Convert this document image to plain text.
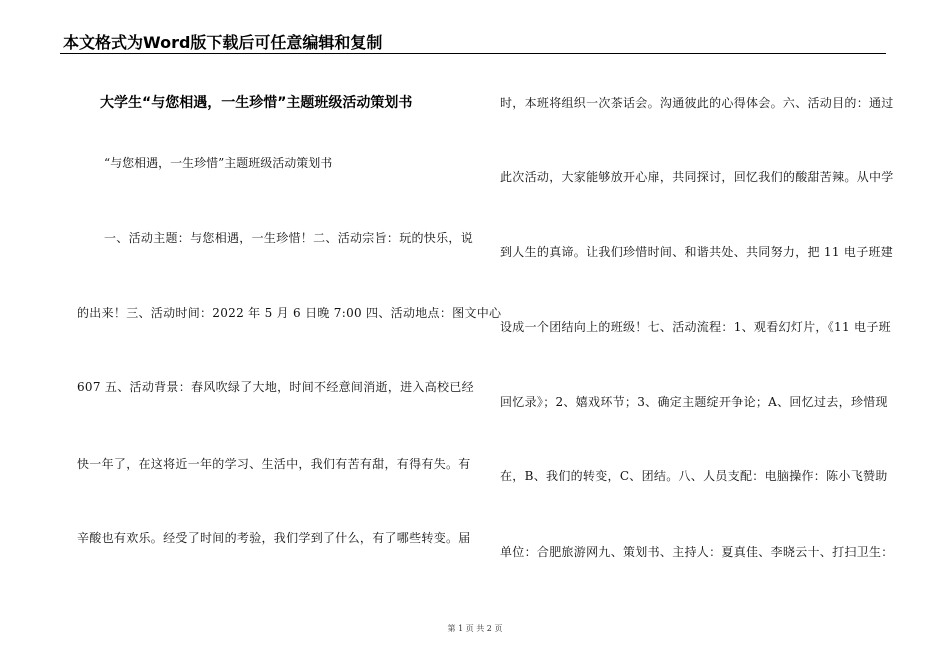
本文格式为Word版下载后可任意编辑和复制
大学生“与您相遇，一生珍惜”主题班级活动策划书
“与您相遇，一生珍惜”主题班级活动策划书
一、活动主题：与您相遇，一生珍惜！二、活动宗旨：玩的快乐，说
的出来！三、活动时间：2022 年 5 月 6 日晚 7:00 四、活动地点：图文中心
607 五、活动背景：春风吹绿了大地，时间不经意间消逝，进入高校已经
快一年了，在这将近一年的学习、生活中，我们有苦有甜，有得有失。有
辛酸也有欢乐。经受了时间的考验，我们学到了什么，有了哪些转变。届
时，本班将组织一次茶话会。沟通彼此的心得体会。六、活动目的：通过
此次活动，大家能够放开心扉，共同探讨，回忆我们的酸甜苦辣。从中学
到人生的真谛。让我们珍惜时间、和谐共处、共同努力，把 11 电子班建
设成一个团结向上的班级！七、活动流程：1、观看幻灯片，《11 电子班
回忆录》；2、嬉戏环节；3、确定主题绽开争论；A、回忆过去，珍惜现
在，B、我们的转变，C、团结。八、人员支配：电脑操作：陈小飞赞助
单位：合肥旅游网九、策划书、主持人：夏真佳、李晓云十、打扫卫生：
第 1 页 共 2 页
